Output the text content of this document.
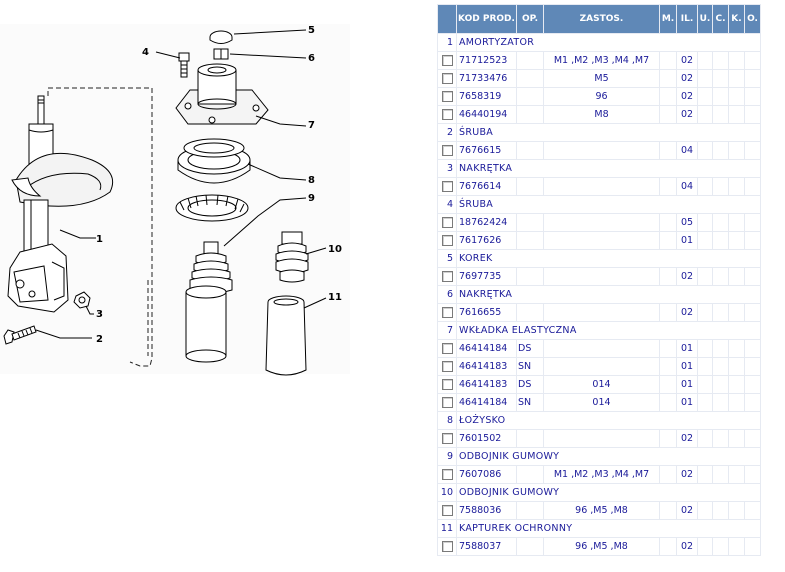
1
2
3
4
5
6
7
8
9
10
11
	KOD PROD.	OP.	ZASTOS.	M.	IL.	U.	C.	K.	O.
1	AMORTYZATOR								
	71712523		M1 ,M2 ,M3 ,M4 ,M7		02				
	71733476		M5		02				
	7658319		96		02				
	46440194		M8		02				
2	ŚRUBA								
	7676615				04				
3	NAKRĘTKA								
	7676614				04				
4	ŚRUBA								
	18762424				05				
	7617626				01				
5	KOREK								
	7697735				02				
6	NAKRĘTKA								
	7616655				02				
7	WKŁADKA ELASTYCZNA								
	46414184	DS			01				
	46414183	SN			01				
	46414183	DS	014		01				
	46414184	SN	014		01				
8	ŁOŻYSKO								
	7601502				02				
9	ODBOJNIK GUMOWY								
	7607086		M1 ,M2 ,M3 ,M4 ,M7		02				
10	ODBOJNIK GUMOWY								
	7588036		96 ,M5 ,M8		02				
11	KAPTUREK OCHRONNY								
	7588037		96 ,M5 ,M8		02				
